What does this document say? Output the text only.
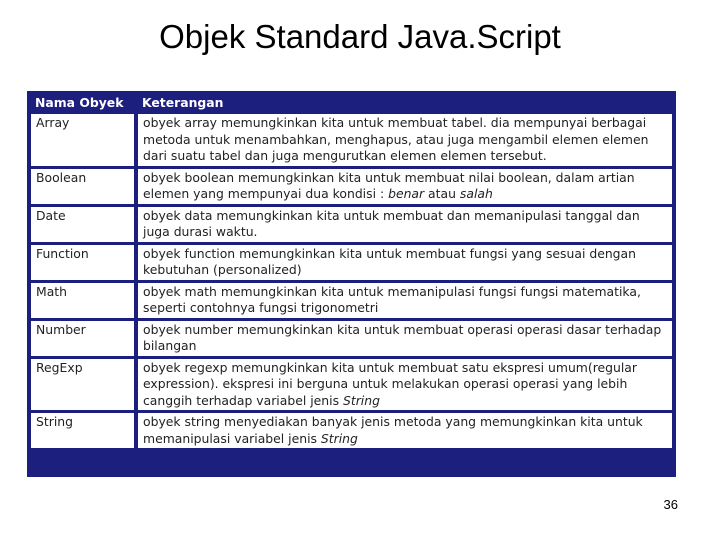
Objek Standard Java.Script
Nama Obyek	Keterangan
Array	obyek array memungkinkan kita untuk membuat tabel. dia mempunyai berbagai metoda untuk menambahkan, menghapus, atau juga mengambil elemen elemen dari suatu tabel dan juga mengurutkan elemen elemen tersebut.
Boolean	obyek boolean memungkinkan kita untuk membuat nilai boolean, dalam artian elemen yang mempunyai dua kondisi : benar atau salah
Date	obyek data memungkinkan kita untuk membuat dan memanipulasi tanggal dan juga durasi waktu.
Function	obyek function memungkinkan kita untuk membuat fungsi yang sesuai dengan kebutuhan (personalized)
Math	obyek math memungkinkan kita untuk memanipulasi fungsi fungsi matematika, seperti contohnya fungsi trigonometri
Number	obyek number memungkinkan kita untuk membuat operasi operasi dasar terhadap bilangan
RegExp	obyek regexp memungkinkan kita untuk membuat satu ekspresi umum(regular expression). ekspresi ini berguna untuk melakukan operasi operasi yang lebih canggih terhadap variabel jenis String
String	obyek string menyediakan banyak jenis metoda yang memungkinkan kita untuk memanipulasi variabel jenis String
36
